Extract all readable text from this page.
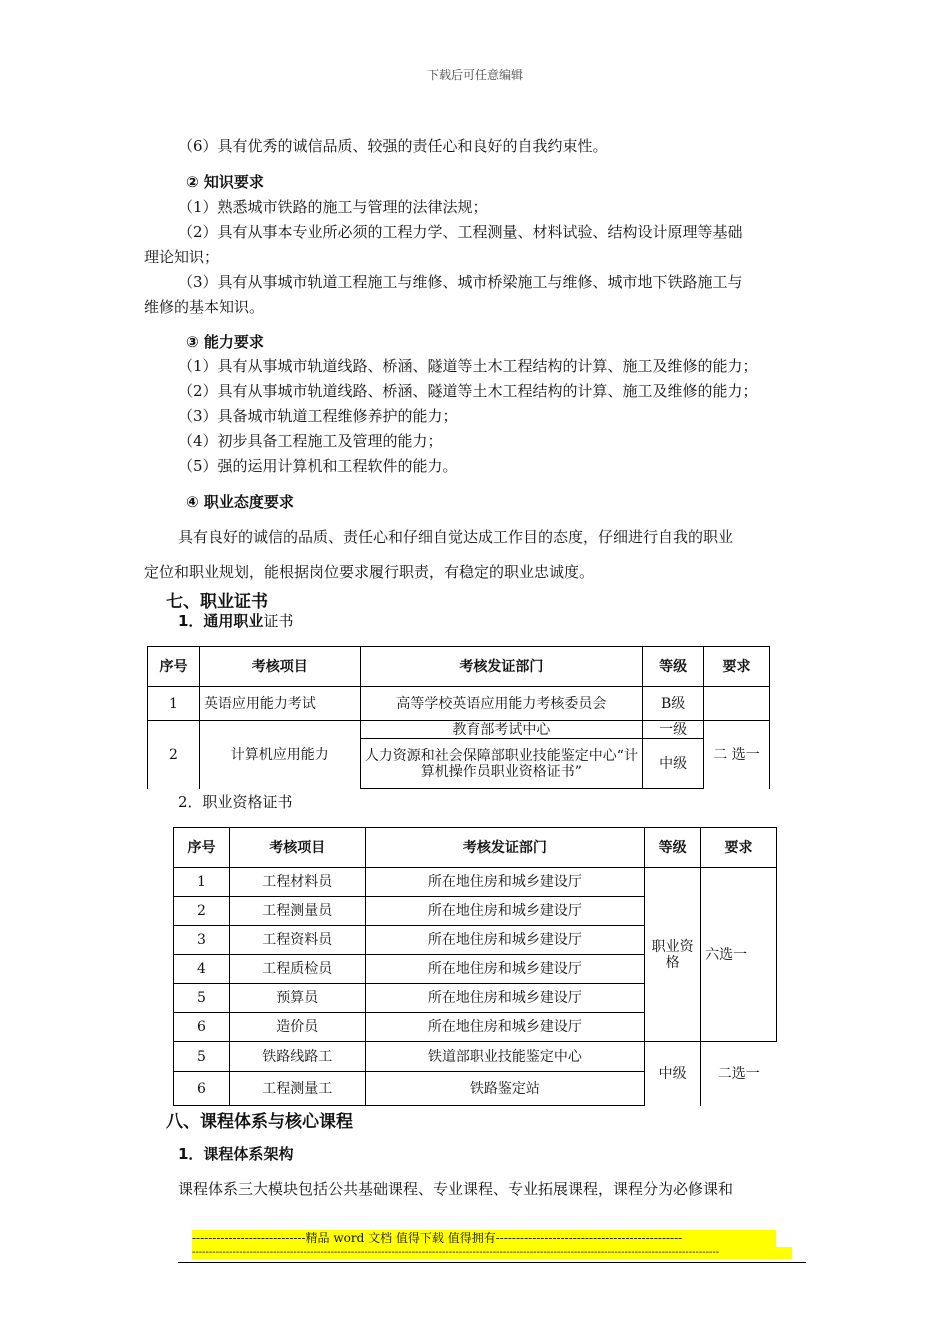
下载后可任意编辑
（6）具有优秀的诚信品质、较强的责任心和良好的自我约束性。
② 知识要求
（1）熟悉城市铁路的施工与管理的法律法规；
（2）具有从事本专业所必须的工程力学、工程测量、材料试验、结构设计原理等基础
理论知识；
（3）具有从事城市轨道工程施工与维修、城市桥梁施工与维修、城市地下铁路施工与
维修的基本知识。
③ 能力要求
（1）具有从事城市轨道线路、桥涵、隧道等土木工程结构的计算、施工及维修的能力；
（2）具有从事城市轨道线路、桥涵、隧道等土木工程结构的计算、施工及维修的能力；
（3）具备城市轨道工程维修养护的能力；
（4）初步具备工程施工及管理的能力；
（5）强的运用计算机和工程软件的能力。
④ 职业态度要求
具有良好的诚信的品质、责任心和仔细自觉达成工作目的态度，仔细进行自我的职业
定位和职业规划，能根据岗位要求履行职责，有稳定的职业忠诚度。
七、职业证书
1．通用职业证书
序号	考核项目	考核发证部门	等级	要求
1	英语应用能力考试	高等学校英语应用能力考核委员会	B级	
2	计算机应用能力	教育部考试中心	一级	二 选一
		人力资源和社会保障部职业技能鉴定中心“计算机操作员职业资格证书”	中级	
2．职业资格证书
序号	考核项目	考核发证部门	等级	要求
1	工程材料员	所在地住房和城乡建设厅	职业资格	六选一
2	工程测量员	所在地住房和城乡建设厅		
3	工程资料员	所在地住房和城乡建设厅		
4	工程质检员	所在地住房和城乡建设厅		
5	预算员	所在地住房和城乡建设厅		
6	造价员	所在地住房和城乡建设厅		
5	铁路线路工	铁道部职业技能鉴定中心	中级	二选一
6	工程测量工	铁路鉴定站		
八、课程体系与核心课程
1．课程体系架构
课程体系三大模块包括公共基础课程、专业课程、专业拓展课程，课程分为必修课和
----------------------------精品 word 文档 值得下载 值得拥有----------------------------------------------
------------------------------------------------------------------------------------------------------------------------------------------------------------
